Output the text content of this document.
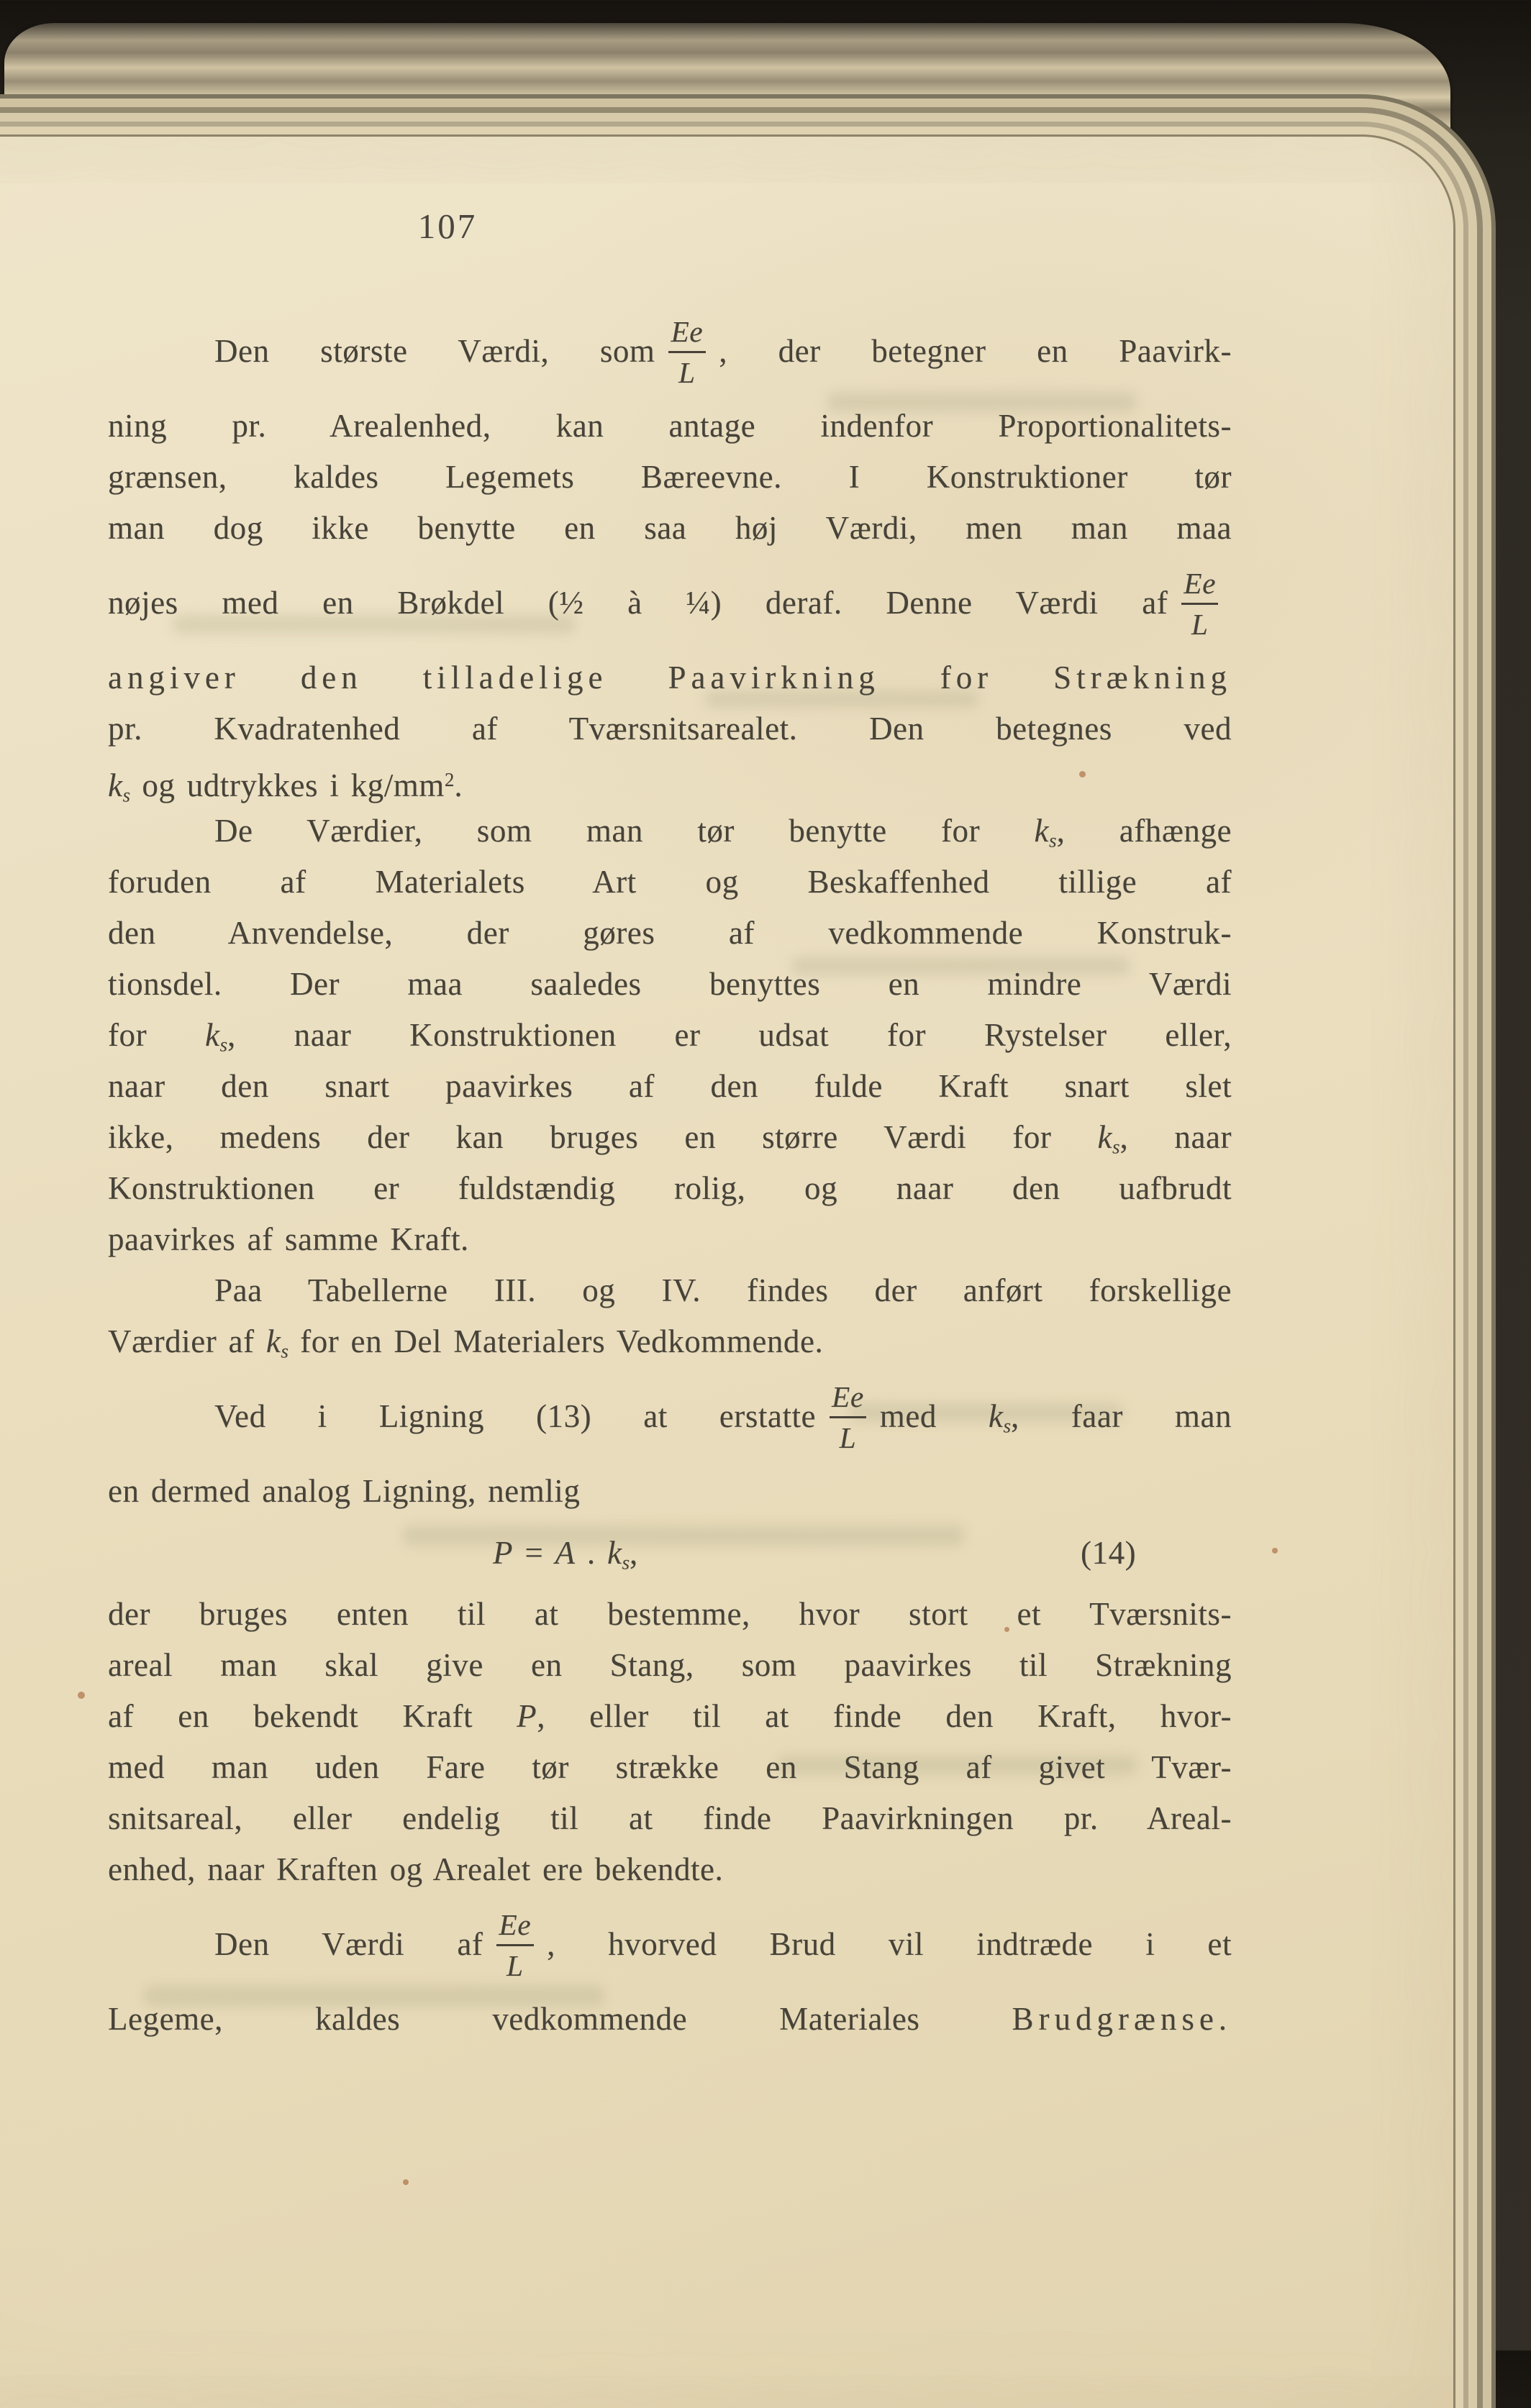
107
Den største Værdi, som $\frac{Ee}{L}$ , der betegner en Paavirk-
ning pr. Arealenhed, kan antage indenfor Proportionalitets-
grænsen, kaldes Legemets Bæreevne. I Konstruktioner tør
man dog ikke benytte en saa høj Værdi, men man maa
nøjes med en Brøkdel (½ à ¼) deraf. Denne Værdi af $\frac{Ee}{L}$
angiver den tilladelige Paavirkning for Strækning
pr. Kvadratenhed af Tværsnitsarealet. Den betegnes ved
ks og udtrykkes i $kg/mm^2$.
De Værdier, som man tør benytte for ks, afhænge
foruden af Materialets Art og Beskaffenhed tillige af
den Anvendelse, der gøres af vedkommende Konstruk-
tionsdel. Der maa saaledes benyttes en mindre Værdi
for ks, naar Konstruktionen er udsat for Rystelser eller,
naar den snart paavirkes af den fulde Kraft snart slet
ikke, medens der kan bruges en større Værdi for ks, naar
Konstruktionen er fuldstændig rolig, og naar den uafbrudt
paavirkes af samme Kraft.
Paa Tabellerne III. og IV. findes der anført forskellige
Værdier af ks for en Del Materialers Vedkommende.
Ved i Ligning (13) at erstatte $\frac{Ee}{L}$ med ks, faar man
en dermed analog Ligning, nemlig
P = A . ks,	(14)
der bruges enten til at bestemme, hvor stort et Tværsnits-
areal man skal give en Stang, som paavirkes til Strækning
af en bekendt Kraft P, eller til at finde den Kraft, hvor-
med man uden Fare tør strække en Stang af givet Tvær-
snitsareal, eller endelig til at finde Paavirkningen pr. Areal-
enhed, naar Kraften og Arealet ere bekendte.
Den Værdi af $\frac{Ee}{L}$ , hvorved Brud vil indtræde i et
Legeme, kaldes vedkommende Materiales Brudgrænse.
